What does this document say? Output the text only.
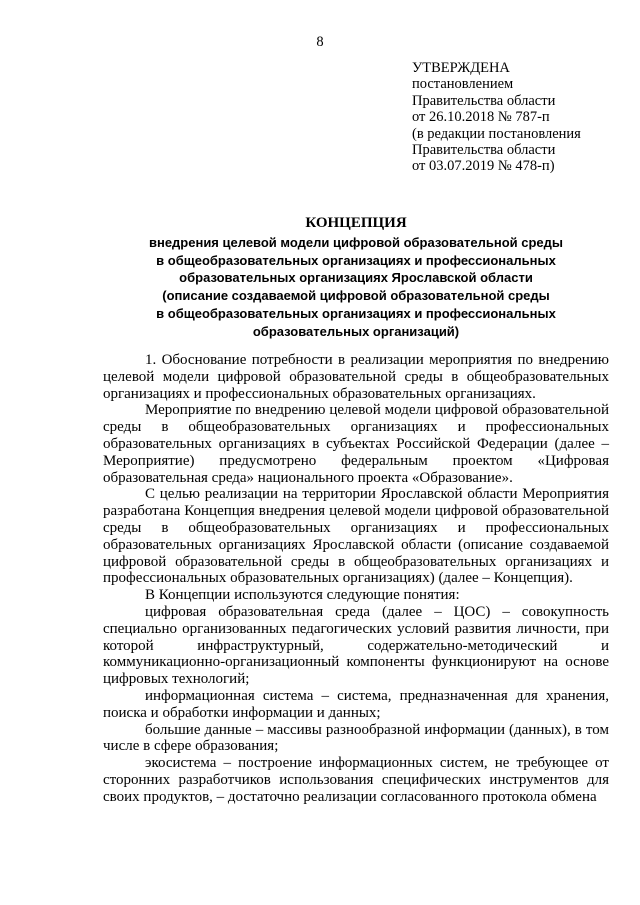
8
УТВЕРЖДЕНА
постановлением
Правительства области
от 26.10.2018 № 787-п
(в редакции постановления
Правительства области
от 03.07.2019 № 478-п)
КОНЦЕПЦИЯ
внедрения целевой модели цифровой образовательной среды
в общеобразовательных организациях и профессиональных
образовательных организациях Ярославской области
(описание создаваемой цифровой образовательной среды
в общеобразовательных организациях и профессиональных
образовательных организаций)

1. Обоснование потребности в реализации мероприятия по внедрению целевой модели цифровой образовательной среды в общеобразовательных организациях и профессиональных образовательных организациях.

Мероприятие по внедрению целевой модели цифровой образовательной среды в общеобразовательных организациях и профессиональных образовательных организациях в субъектах Российской Федерации (далее – Мероприятие) предусмотрено федеральным проектом «Цифровая образовательная среда» национального проекта «Образование».

С целью реализации на территории Ярославской области Мероприятия разработана Концепция внедрения целевой модели цифровой образовательной среды в общеобразовательных организациях и профессиональных образовательных организациях Ярославской области (описание создаваемой цифровой образовательной среды в общеобразовательных организациях и профессиональных образовательных организациях) (далее – Концепция).

В Концепции используются следующие понятия:

цифровая образовательная среда (далее – ЦОС) – совокупность специально организованных педагогических условий развития личности, при которой инфраструктурный, содержательно-методический и коммуникационно-организационный компоненты функционируют на основе цифровых технологий;

информационная система – система, предназначенная для хранения, поиска и обработки информации и данных;

большие данные – массивы разнообразной информации (данных), в том числе в сфере образования;

экосистема – построение информационных систем, не требующее от сторонних разработчиков использования специфических инструментов для своих продуктов, – достаточно реализации согласованного протокола обмена
